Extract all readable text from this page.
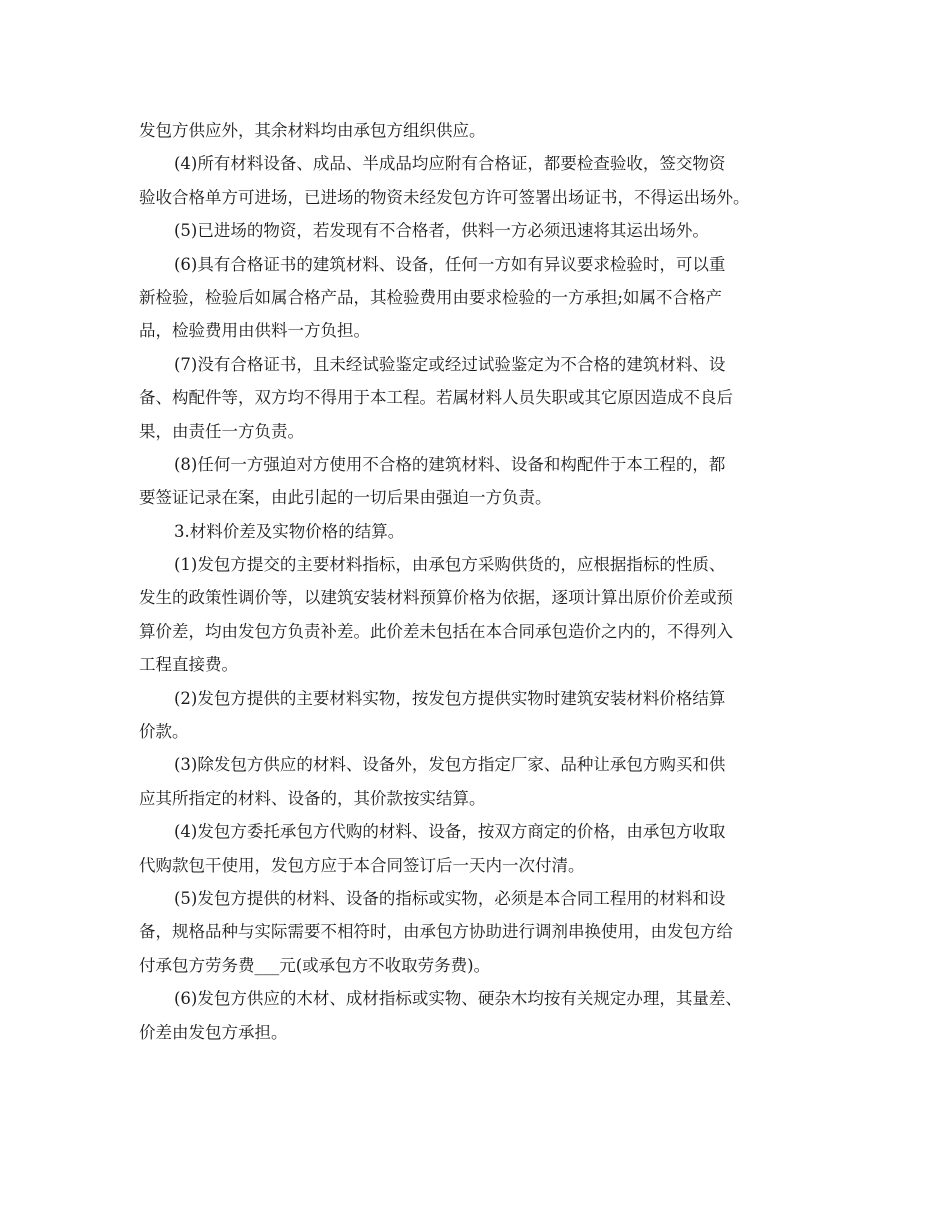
发包方供应外，其余材料均由承包方组织供应。
(4)所有材料设备、成品、半成品均应附有合格证，都要检查验收，签交物资
验收合格单方可进场，已进场的物资未经发包方许可签署出场证书，不得运出场外。
(5)已进场的物资，若发现有不合格者，供料一方必须迅速将其运出场外。
(6)具有合格证书的建筑材料、设备，任何一方如有异议要求检验时，可以重
新检验，检验后如属合格产品，其检验费用由要求检验的一方承担;如属不合格产
品，检验费用由供料一方负担。
(7)没有合格证书，且未经试验鉴定或经过试验鉴定为不合格的建筑材料、设
备、构配件等，双方均不得用于本工程。若属材料人员失职或其它原因造成不良后
果，由责任一方负责。
(8)任何一方强迫对方使用不合格的建筑材料、设备和构配件于本工程的，都
要签证记录在案，由此引起的一切后果由强迫一方负责。
3.材料价差及实物价格的结算。
(1)发包方提交的主要材料指标，由承包方采购供货的，应根据指标的性质、
发生的政策性调价等，以建筑安装材料预算价格为依据，逐项计算出原价价差或预
算价差，均由发包方负责补差。此价差未包括在本合同承包造价之内的，不得列入
工程直接费。
(2)发包方提供的主要材料实物，按发包方提供实物时建筑安装材料价格结算
价款。
(3)除发包方供应的材料、设备外，发包方指定厂家、品种让承包方购买和供
应其所指定的材料、设备的，其价款按实结算。
(4)发包方委托承包方代购的材料、设备，按双方商定的价格，由承包方收取
代购款包干使用，发包方应于本合同签订后一天内一次付清。
(5)发包方提供的材料、设备的指标或实物，必须是本合同工程用的材料和设
备，规格品种与实际需要不相符时，由承包方协助进行调剂串换使用，由发包方给
付承包方劳务费___元(或承包方不收取劳务费)。
(6)发包方供应的木材、成材指标或实物、硬杂木均按有关规定办理，其量差、
价差由发包方承担。
